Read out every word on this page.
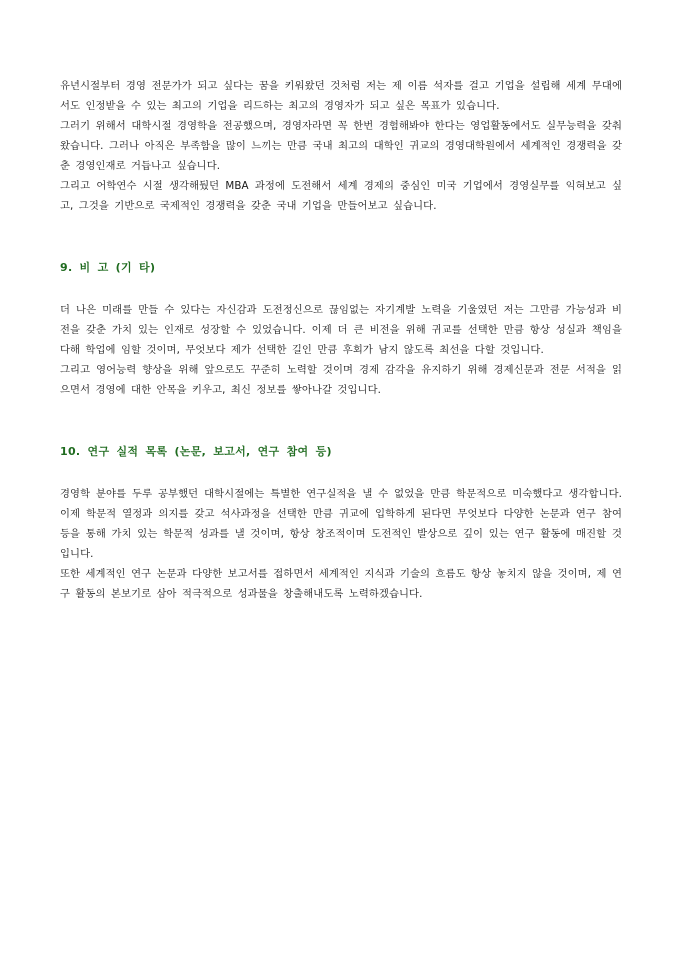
유년시절부터 경영 전문가가 되고 싶다는 꿈을 키워왔던 것처럼 저는 제 이름 석자를 걸고 기업을 설립해 세계 무대에서도 인정받을 수 있는 최고의 기업을 리드하는 최고의 경영자가 되고 싶은 목표가 있습니다.

그러기 위해서 대학시절 경영학을 전공했으며, 경영자라면 꼭 한번 경험해봐야 한다는 영업활동에서도 실무능력을 갖춰왔습니다. 그러나 아직은 부족함을 많이 느끼는 만큼 국내 최고의 대학인 귀교의 경영대학원에서 세계적인 경쟁력을 갖춘 경영인재로 거듭나고 싶습니다.

그리고 어학연수 시절 생각해뒀던 MBA 과정에 도전해서 세계 경제의 중심인 미국 기업에서 경영실무를 익혀보고 싶고, 그것을 기반으로 국제적인 경쟁력을 갖춘 국내 기업을 만들어보고 싶습니다.

9. 비 고 (기 타)

더 나은 미래를 만들 수 있다는 자신감과 도전정신으로 끊임없는 자기계발 노력을 기울였던 저는 그만큼 가능성과 비전을 갖춘 가치 있는 인재로 성장할 수 있었습니다. 이제 더 큰 비전을 위해 귀교를 선택한 만큼 항상 성실과 책임을 다해 학업에 임할 것이며, 무엇보다 제가 선택한 길인 만큼 후회가 남지 않도록 최선을 다할 것입니다.

그리고 영어능력 향상을 위해 앞으로도 꾸준히 노력할 것이며 경제 감각을 유지하기 위해 경제신문과 전문 서적을 읽으면서 경영에 대한 안목을 키우고, 최신 정보를 쌓아나갈 것입니다.

10. 연구 실적 목록 (논문, 보고서, 연구 참여 등)

경영학 분야를 두루 공부했던 대학시절에는 특별한 연구실적을 낼 수 없었을 만큼 학문적으로 미숙했다고 생각합니다. 이제 학문적 열정과 의지를 갖고 석사과정을 선택한 만큼 귀교에 입학하게 된다면 무엇보다 다양한 논문과 연구 참여 등을 통해 가치 있는 학문적 성과를 낼 것이며, 항상 창조적이며 도전적인 발상으로 깊이 있는 연구 활동에 매진할 것입니다.

또한 세계적인 연구 논문과 다양한 보고서를 접하면서 세계적인 지식과 기술의 흐름도 항상 놓치지 않을 것이며, 제 연구 활동의 본보기로 삼아 적극적으로 성과물을 창출해내도록 노력하겠습니다.
